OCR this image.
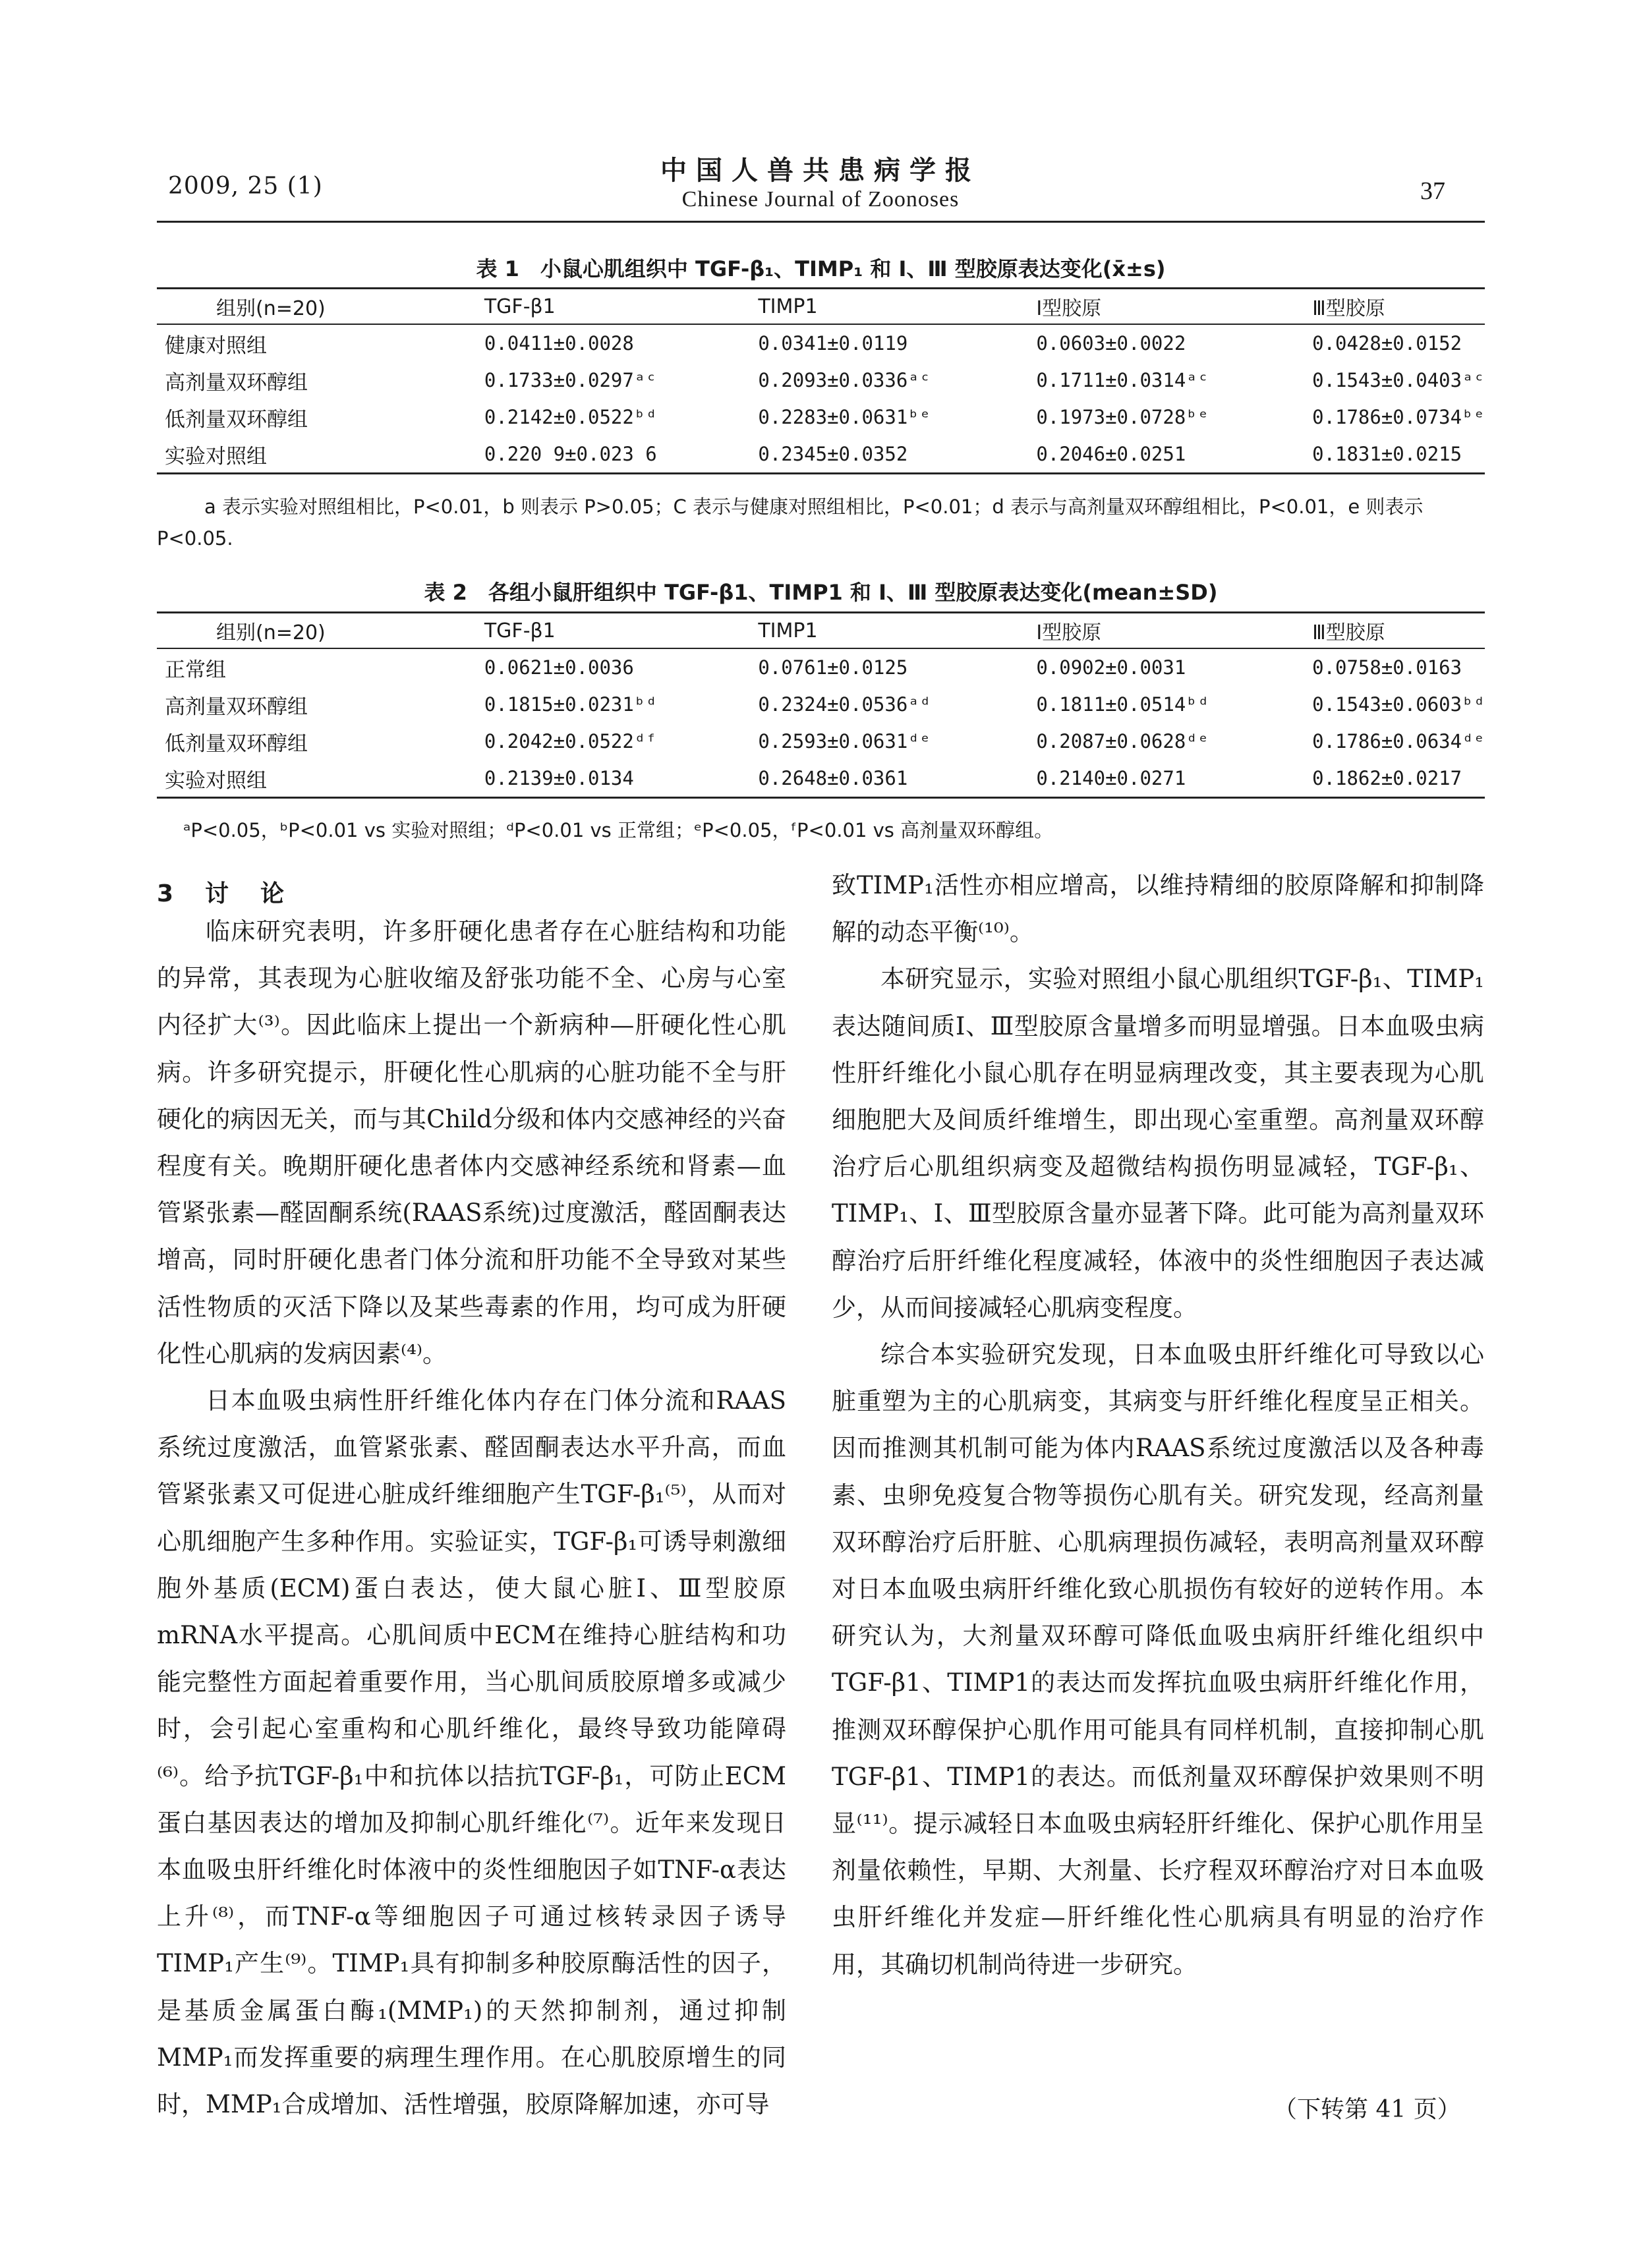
2009, 25 (1)
中国人兽共患病学报
Chinese Journal of Zoonoses	37
表 1　小鼠心肌组织中 TGF-β₁、TIMP₁ 和 Ⅰ、Ⅲ 型胶原表达变化(x̄±s)
组别(n=20)	TGF-β1	TIMP1	Ⅰ型胶原	Ⅲ型胶原
健康对照组	0.0411±0.0028	0.0341±0.0119	0.0603±0.0022	0.0428±0.0152
高剂量双环醇组	0.1733±0.0297ᵃᶜ	0.2093±0.0336ᵃᶜ	0.1711±0.0314ᵃᶜ	0.1543±0.0403ᵃᶜ
低剂量双环醇组	0.2142±0.0522ᵇᵈ	0.2283±0.0631ᵇᵉ	0.1973±0.0728ᵇᵉ	0.1786±0.0734ᵇᵉ
实验对照组	0.220 9±0.023 6	0.2345±0.0352	0.2046±0.0251	0.1831±0.0215
a 表示实验对照组相比，P<0.01，b 则表示 P>0.05；C 表示与健康对照组相比，P<0.01；d 表示与高剂量双环醇组相比，P<0.01，e 则表示 P<0.05.
表 2　各组小鼠肝组织中 TGF-β1、TIMP1 和 Ⅰ、Ⅲ 型胶原表达变化(mean±SD)
组别(n=20)	TGF-β1	TIMP1	Ⅰ型胶原	Ⅲ型胶原
正常组	0.0621±0.0036	0.0761±0.0125	0.0902±0.0031	0.0758±0.0163
高剂量双环醇组	0.1815±0.0231ᵇᵈ	0.2324±0.0536ᵃᵈ	0.1811±0.0514ᵇᵈ	0.1543±0.0603ᵇᵈ
低剂量双环醇组	0.2042±0.0522ᵈᶠ	0.2593±0.0631ᵈᵉ	0.2087±0.0628ᵈᵉ	0.1786±0.0634ᵈᵉ
实验对照组	0.2139±0.0134	0.2648±0.0361	0.2140±0.0271	0.1862±0.0217
ᵃP<0.05，ᵇP<0.01 vs 实验对照组；ᵈP<0.01 vs 正常组；ᵉP<0.05，ᶠP<0.01 vs 高剂量双环醇组。
3　讨　论

临床研究表明，许多肝硬化患者存在心脏结构和功能的异常，其表现为心脏收缩及舒张功能不全、心房与心室内径扩大⁽³⁾。因此临床上提出一个新病种—肝硬化性心肌病。许多研究提示，肝硬化性心肌病的心脏功能不全与肝硬化的病因无关，而与其Child分级和体内交感神经的兴奋程度有关。晚期肝硬化患者体内交感神经系统和肾素—血管紧张素—醛固酮系统(RAAS系统)过度激活，醛固酮表达增高，同时肝硬化患者门体分流和肝功能不全导致对某些活性物质的灭活下降以及某些毒素的作用，均可成为肝硬化性心肌病的发病因素⁽⁴⁾。

日本血吸虫病性肝纤维化体内存在门体分流和RAAS系统过度激活，血管紧张素、醛固酮表达水平升高，而血管紧张素又可促进心脏成纤维细胞产生TGF-β₁⁽⁵⁾，从而对心肌细胞产生多种作用。实验证实，TGF-β₁可诱导刺激细胞外基质(ECM)蛋白表达，使大鼠心脏Ⅰ、Ⅲ型胶原mRNA水平提高。心肌间质中ECM在维持心脏结构和功能完整性方面起着重要作用，当心肌间质胶原增多或减少时，会引起心室重构和心肌纤维化，最终导致功能障碍⁽⁶⁾。给予抗TGF-β₁中和抗体以拮抗TGF-β₁，可防止ECM蛋白基因表达的增加及抑制心肌纤维化⁽⁷⁾。近年来发现日本血吸虫肝纤维化时体液中的炎性细胞因子如TNF-α表达上升⁽⁸⁾，而TNF-α等细胞因子可通过核转录因子诱导TIMP₁产生⁽⁹⁾。TIMP₁具有抑制多种胶原酶活性的因子，是基质金属蛋白酶₁(MMP₁)的天然抑制剂，通过抑制MMP₁而发挥重要的病理生理作用。在心肌胶原增生的同时，MMP₁合成增加、活性增强，胶原降解加速，亦可导

致TIMP₁活性亦相应增高，以维持精细的胶原降解和抑制降解的动态平衡⁽¹⁰⁾。

本研究显示，实验对照组小鼠心肌组织TGF-β₁、TIMP₁表达随间质Ⅰ、Ⅲ型胶原含量增多而明显增强。日本血吸虫病性肝纤维化小鼠心肌存在明显病理改变，其主要表现为心肌细胞肥大及间质纤维增生，即出现心室重塑。高剂量双环醇治疗后心肌组织病变及超微结构损伤明显减轻，TGF-β₁、TIMP₁、Ⅰ、Ⅲ型胶原含量亦显著下降。此可能为高剂量双环醇治疗后肝纤维化程度减轻，体液中的炎性细胞因子表达减少，从而间接减轻心肌病变程度。

综合本实验研究发现，日本血吸虫肝纤维化可导致以心脏重塑为主的心肌病变，其病变与肝纤维化程度呈正相关。因而推测其机制可能为体内RAAS系统过度激活以及各种毒素、虫卵免疫复合物等损伤心肌有关。研究发现，经高剂量双环醇治疗后肝脏、心肌病理损伤减轻，表明高剂量双环醇对日本血吸虫病肝纤维化致心肌损伤有较好的逆转作用。本研究认为，大剂量双环醇可降低血吸虫病肝纤维化组织中TGF-β1、TIMP1的表达而发挥抗血吸虫病肝纤维化作用，推测双环醇保护心肌作用可能具有同样机制，直接抑制心肌TGF-β1、TIMP1的表达。而低剂量双环醇保护效果则不明显⁽¹¹⁾。提示减轻日本血吸虫病轻肝纤维化、保护心肌作用呈剂量依赖性，早期、大剂量、长疗程双环醇治疗对日本血吸虫肝纤维化并发症—肝纤维化性心肌病具有明显的治疗作用，其确切机制尚待进一步研究。

（下转第 41 页）
